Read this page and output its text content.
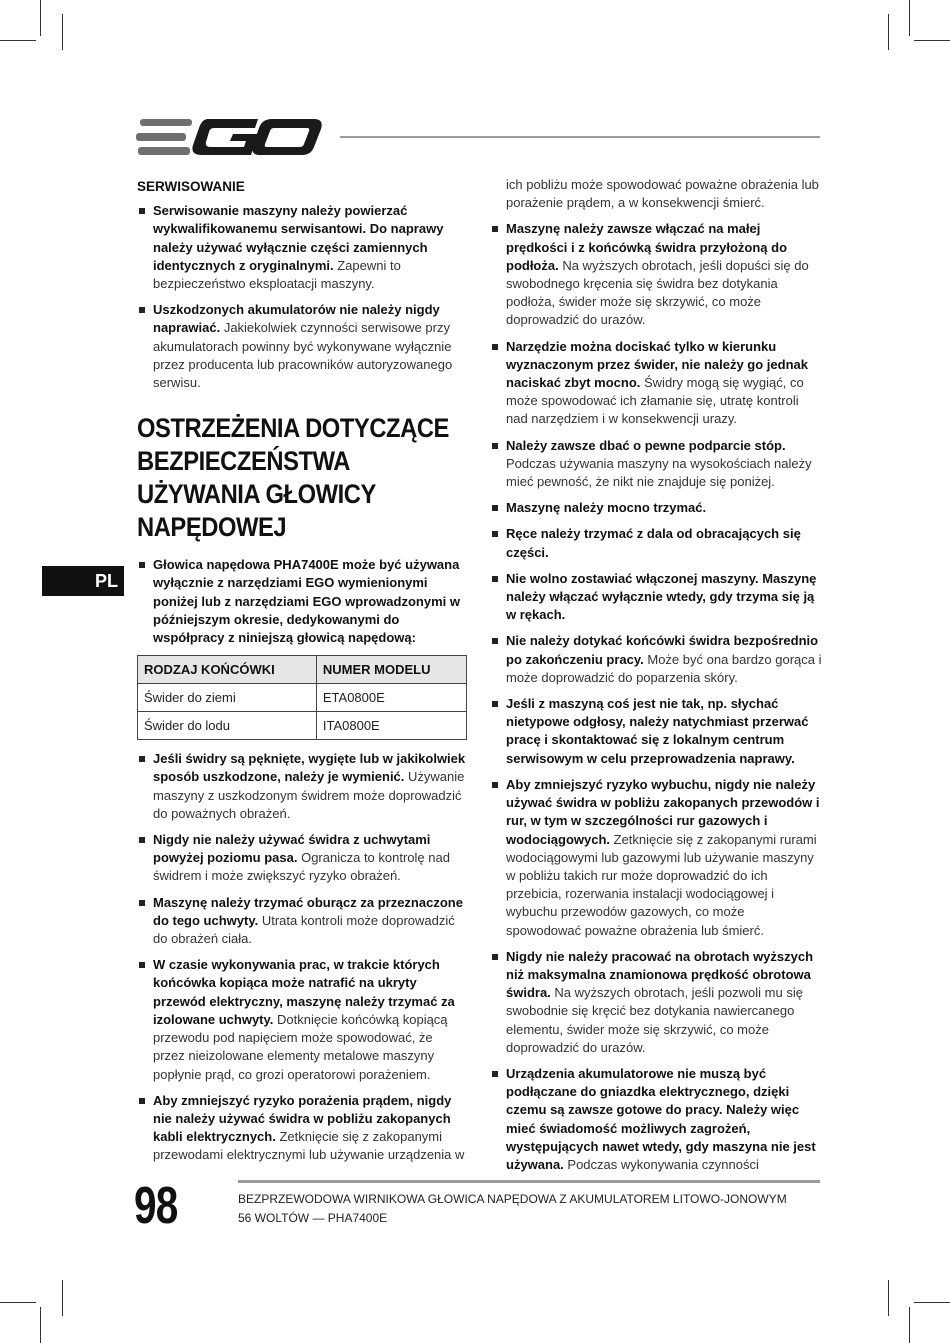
PL
SERWISOWANIE
Serwisowanie maszyny należy powierzać wykwalifikowanemu serwisantowi. Do naprawy należy używać wyłącznie części zamiennych identycznych z oryginalnymi. Zapewni to bezpieczeństwo eksploatacji maszyny.
Uszkodzonych akumulatorów nie należy nigdy naprawiać. Jakiekolwiek czynności serwisowe przy akumulatorach powinny być wykonywane wyłącznie przez producenta lub pracowników autoryzowanego serwisu.
OSTRZEŻENIA DOTYCZĄCE BEZPIECZEŃSTWA UŻYWANIA GŁOWICY NAPĘDOWEJ
Głowica napędowa PHA7400E może być używana wyłącznie z narzędziami EGO wymienionymi poniżej lub z narzędziami EGO wprowadzonymi w późniejszym okresie, dedykowanymi do współpracy z niniejszą głowicą napędową:
RODZAJ KOŃCÓWKI	NUMER MODELU
Świder do ziemi	ETA0800E
Świder do lodu	ITA0800E
Jeśli świdry są pęknięte, wygięte lub w jakikolwiek sposób uszkodzone, należy je wymienić. Używanie maszyny z uszkodzonym świdrem może doprowadzić do poważnych obrażeń.
Nigdy nie należy używać świdra z uchwytami powyżej poziomu pasa. Ogranicza to kontrolę nad świdrem i może zwiększyć ryzyko obrażeń.
Maszynę należy trzymać oburącz za przeznaczone do tego uchwyty. Utrata kontroli może doprowadzić do obrażeń ciała.
W czasie wykonywania prac, w trakcie których końcówka kopiąca może natrafić na ukryty przewód elektryczny, maszynę należy trzymać za izolowane uchwyty. Dotknięcie końcówką kopiącą przewodu pod napięciem może spowodować, że przez nieizolowane elementy metalowe maszyny popłynie prąd, co grozi operatorowi porażeniem.
Aby zmniejszyć ryzyko porażenia prądem, nigdy nie należy używać świdra w pobliżu zakopanych kabli elektrycznych. Zetknięcie się z zakopanymi przewodami elektrycznymi lub używanie urządzenia w

ich pobliżu może spowodować poważne obrażenia lub porażenie prądem, a w konsekwencji śmierć.

Maszynę należy zawsze włączać na małej prędkości i z końcówką świdra przyłożoną do podłoża. Na wyższych obrotach, jeśli dopuści się do swobodnego kręcenia się świdra bez dotykania podłoża, świder może się skrzywić, co może doprowadzić do urazów.
Narzędzie można dociskać tylko w kierunku wyznaczonym przez świder, nie należy go jednak naciskać zbyt mocno. Świdry mogą się wygiąć, co może spowodować ich złamanie się, utratę kontroli nad narzędziem i w konsekwencji urazy.
Należy zawsze dbać o pewne podparcie stóp. Podczas używania maszyny na wysokościach należy mieć pewność, że nikt nie znajduje się poniżej.
Maszynę należy mocno trzymać.
Ręce należy trzymać z dala od obracających się części.
Nie wolno zostawiać włączonej maszyny. Maszynę należy włączać wyłącznie wtedy, gdy trzyma się ją w rękach.
Nie należy dotykać końcówki świdra bezpośrednio po zakończeniu pracy. Może być ona bardzo gorąca i może doprowadzić do poparzenia skóry.
Jeśli z maszyną coś jest nie tak, np. słychać nietypowe odgłosy, należy natychmiast przerwać pracę i skontaktować się z lokalnym centrum serwisowym w celu przeprowadzenia naprawy.
Aby zmniejszyć ryzyko wybuchu, nigdy nie należy używać świdra w pobliżu zakopanych przewodów i rur, w tym w szczególności rur gazowych i wodociągowych. Zetknięcie się z zakopanymi rurami wodociągowymi lub gazowymi lub używanie maszyny w pobliżu takich rur może doprowadzić do ich przebicia, rozerwania instalacji wodociągowej i wybuchu przewodów gazowych, co może spowodować poważne obrażenia lub śmierć.
Nigdy nie należy pracować na obrotach wyższych niż maksymalna znamionowa prędkość obrotowa świdra. Na wyższych obrotach, jeśli pozwoli mu się swobodnie się kręcić bez dotykania nawiercanego elementu, świder może się skrzywić, co może doprowadzić do urazów.
Urządzenia akumulatorowe nie muszą być podłączane do gniazdka elektrycznego, dzięki czemu są zawsze gotowe do pracy. Należy więc mieć świadomość możliwych zagrożeń, występujących nawet wtedy, gdy maszyna nie jest używana. Podczas wykonywania czynności
98	BEZPRZEWODOWA WIRNIKOWA GŁOWICA NAPĘDOWA Z AKUMULATOREM LITOWO-JONOWYM
56 WOLTÓW — PHA7400E
